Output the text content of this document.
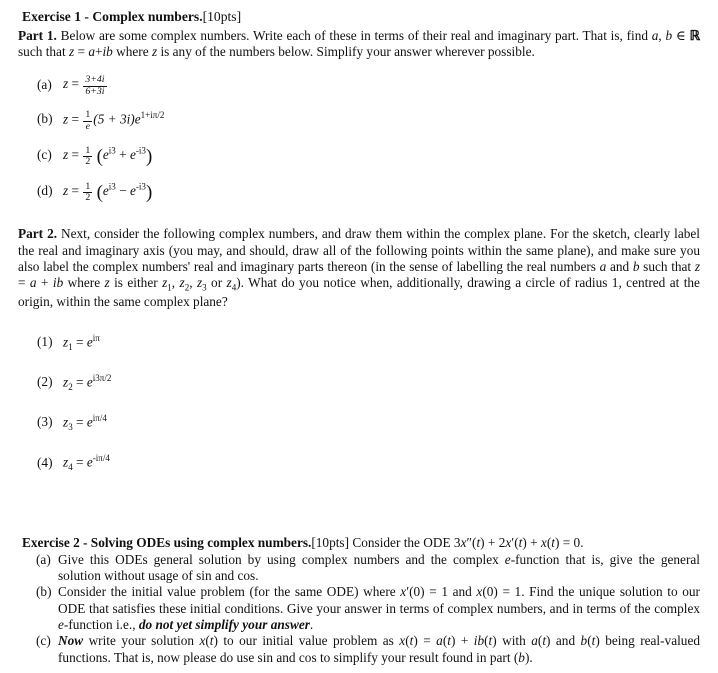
Exercise 1 - Complex numbers.[10pts]

Part 1. Below are some complex numbers. Write each of these in terms of their real and imaginary part. That is, find a, b ∈ ℝ such that z = a+ib where z is any of the numbers below. Simplify your answer wherever possible.

(a) $z = \frac{3+4i}{6+3i}$
(b) $z = \frac{1}{e} (5 + 3i)e^{1+i\pi/2}$
(c) $z = \frac{1}{2} (e^{i3} + e^{-i3})$
(d) $z = \frac{1}{2} (e^{i3} - e^{-i3})$

Part 2. Next, consider the following complex numbers, and draw them within the complex plane. For the sketch, clearly label the real and imaginary axis (you may, and should, draw all of the following points within the same plane), and make sure you also label the complex numbers' real and imaginary parts thereon (in the sense of labelling the real numbers a and b such that z = a + ib where z is either $z_1$, $z_2$, $z_3$ or $z_4$). What do you notice when, additionally, drawing a circle of radius 1, centred at the origin, within the same complex plane?

(1) $z_1 = e^{i\pi}$
(2) $z_2 = e^{i3\pi/2}$
(3) $z_3 = e^{i\pi/4}$
(4) $z_4 = e^{-i\pi/4}$
Exercise 2 - Solving ODEs using complex numbers.[10pts] Consider the ODE 3x″(t) + 2x′(t) + x(t) = 0.
(a) Give this ODEs general solution by using complex numbers and the complex e-function that is, give the general solution without usage of sin and cos.
(b) Consider the initial value problem (for the same ODE) where x′(0) = 1 and x(0) = 1. Find the unique solution to our ODE that satisfies these initial conditions. Give your answer in terms of complex numbers, and in terms of the complex e-function i.e., do not yet simplify your answer.
(c) Now write your solution x(t) to our initial value problem as x(t) = a(t) + ib(t) with a(t) and b(t) being real-valued functions. That is, now please do use sin and cos to simplify your result found in part (b).
